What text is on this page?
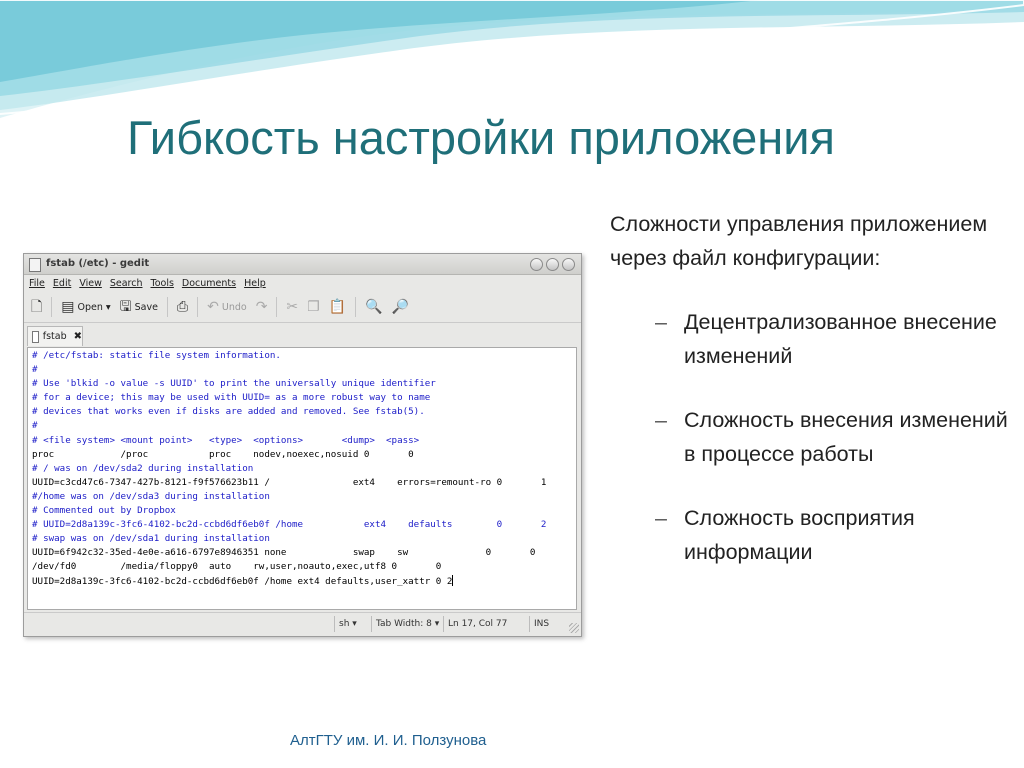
Гибкость настройки приложения

Сложности управления приложением через файл конфигурации:

– Децентрализованное внесение изменений
– Сложность внесения изменений в процессе работы
– Сложность восприятия информации
fstab (/etc) - gedit
File Edit View Search Tools Documents Help
🗋 ▤ Open ▾ 🖫 Save ⎙ ↶ Undo ↷ ✂ ❐ 📋 🔍 🔎
fstab ✖
# /etc/fstab: static file system information.
#
# Use 'blkid -o value -s UUID' to print the universally unique identifier
# for a device; this may be used with UUID= as a more robust way to name
# devices that works even if disks are added and removed. See fstab(5).
#
# <file system> <mount point>   <type>  <options>       <dump>  <pass>
proc            /proc           proc    nodev,noexec,nosuid 0       0
# / was on /dev/sda2 during installation
UUID=c3cd47c6-7347-427b-8121-f9f576623b11 /               ext4    errors=remount-ro 0       1
#/home was on /dev/sda3 during installation
# Commented out by Dropbox
# UUID=2d8a139c-3fc6-4102-bc2d-ccbd6df6eb0f /home           ext4    defaults        0       2
# swap was on /dev/sda1 during installation
UUID=6f942c32-35ed-4e0e-a616-6797e8946351 none            swap    sw              0       0
/dev/fd0        /media/floppy0  auto    rw,user,noauto,exec,utf8 0       0
UUID=2d8a139c-3fc6-4102-bc2d-ccbd6df6eb0f /home ext4 defaults,user_xattr 0 2
sh
▾ Tab Width: 8
▾ Ln 17, Col 77	INS
АлтГТУ им. И. И. Ползунова
